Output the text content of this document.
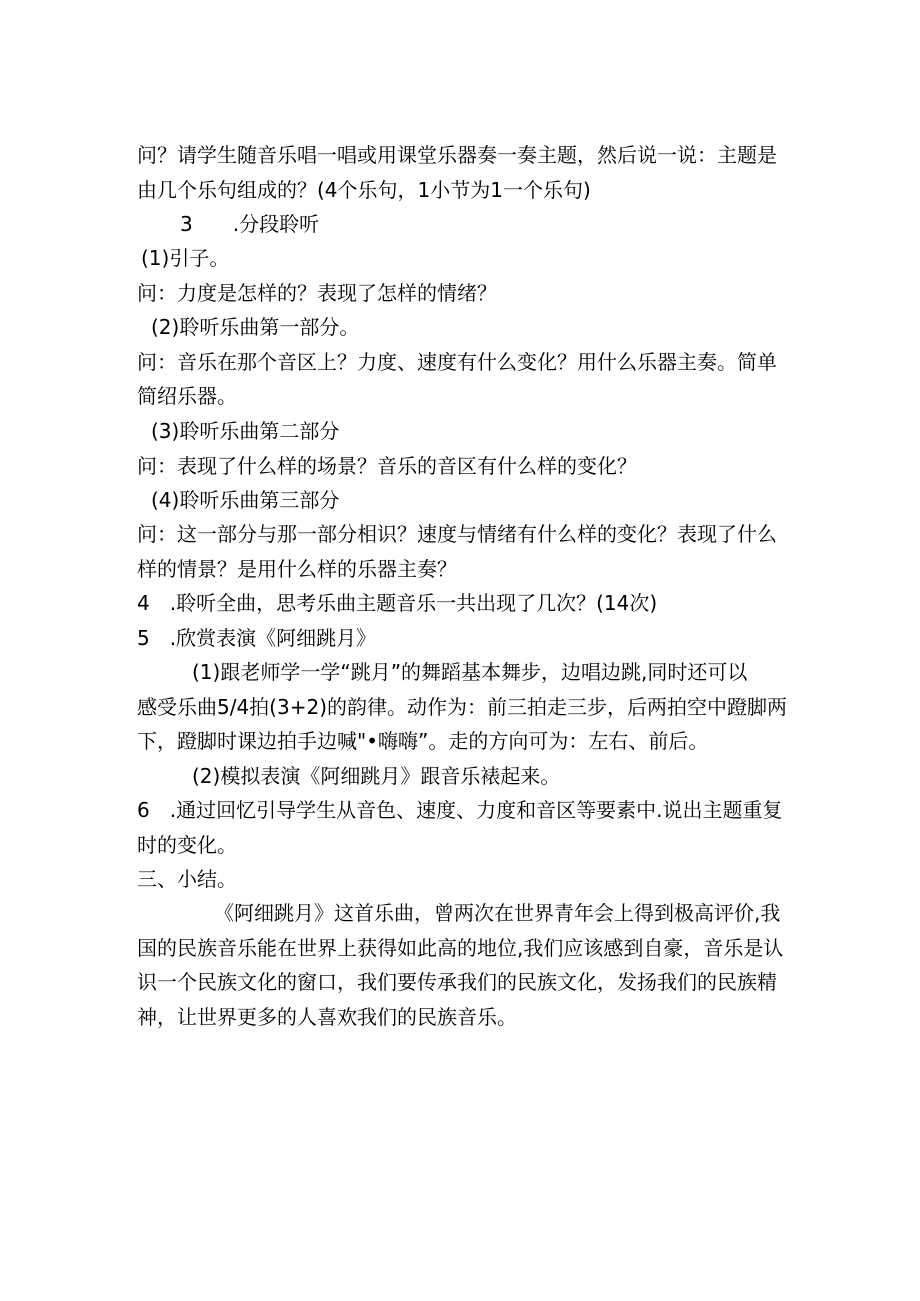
问？请学生随音乐唱一唱或用课堂乐器奏一奏主题，然后说一说：主题是
由几个乐句组成的？(4个乐句，1小节为1一个乐句)
3　　.分段聆听
(1)引子。
问：力度是怎样的？表现了怎样的情绪？
(2)聆听乐曲第一部分。
问：音乐在那个音区上？力度、速度有什么变化？用什么乐器主奏。简单
简绍乐器。
(3)聆听乐曲第二部分
问：表现了什么样的场景？音乐的音区有什么样的变化？
(4)聆听乐曲第三部分
问：这一部分与那一部分相识？速度与情绪有什么样的变化？表现了什么
样的情景？是用什么样的乐器主奏？
4　.聆听全曲，思考乐曲主题音乐一共出现了几次？(14次)
5　.欣赏表演《阿细跳月》
(1)跟老师学一学“跳月”的舞蹈基本舞步，边唱边跳,同时还可以
感受乐曲5/4拍(3+2)的韵律。动作为：前三拍走三步，后两拍空中蹬脚两
下，蹬脚时课边拍手边喊"•嗨嗨”。走的方向可为：左右、前后。
(2)模拟表演《阿细跳月》跟音乐裱起来。
6　.通过回忆引导学生从音色、速度、力度和音区等要素中.说出主题重复
时的变化。
三、小结。
《阿细跳月》这首乐曲，曾两次在世界青年会上得到极高评价,我
国的民族音乐能在世界上获得如此高的地位,我们应该感到自豪，音乐是认
识一个民族文化的窗口，我们要传承我们的民族文化，发扬我们的民族精
神，让世界更多的人喜欢我们的民族音乐。
